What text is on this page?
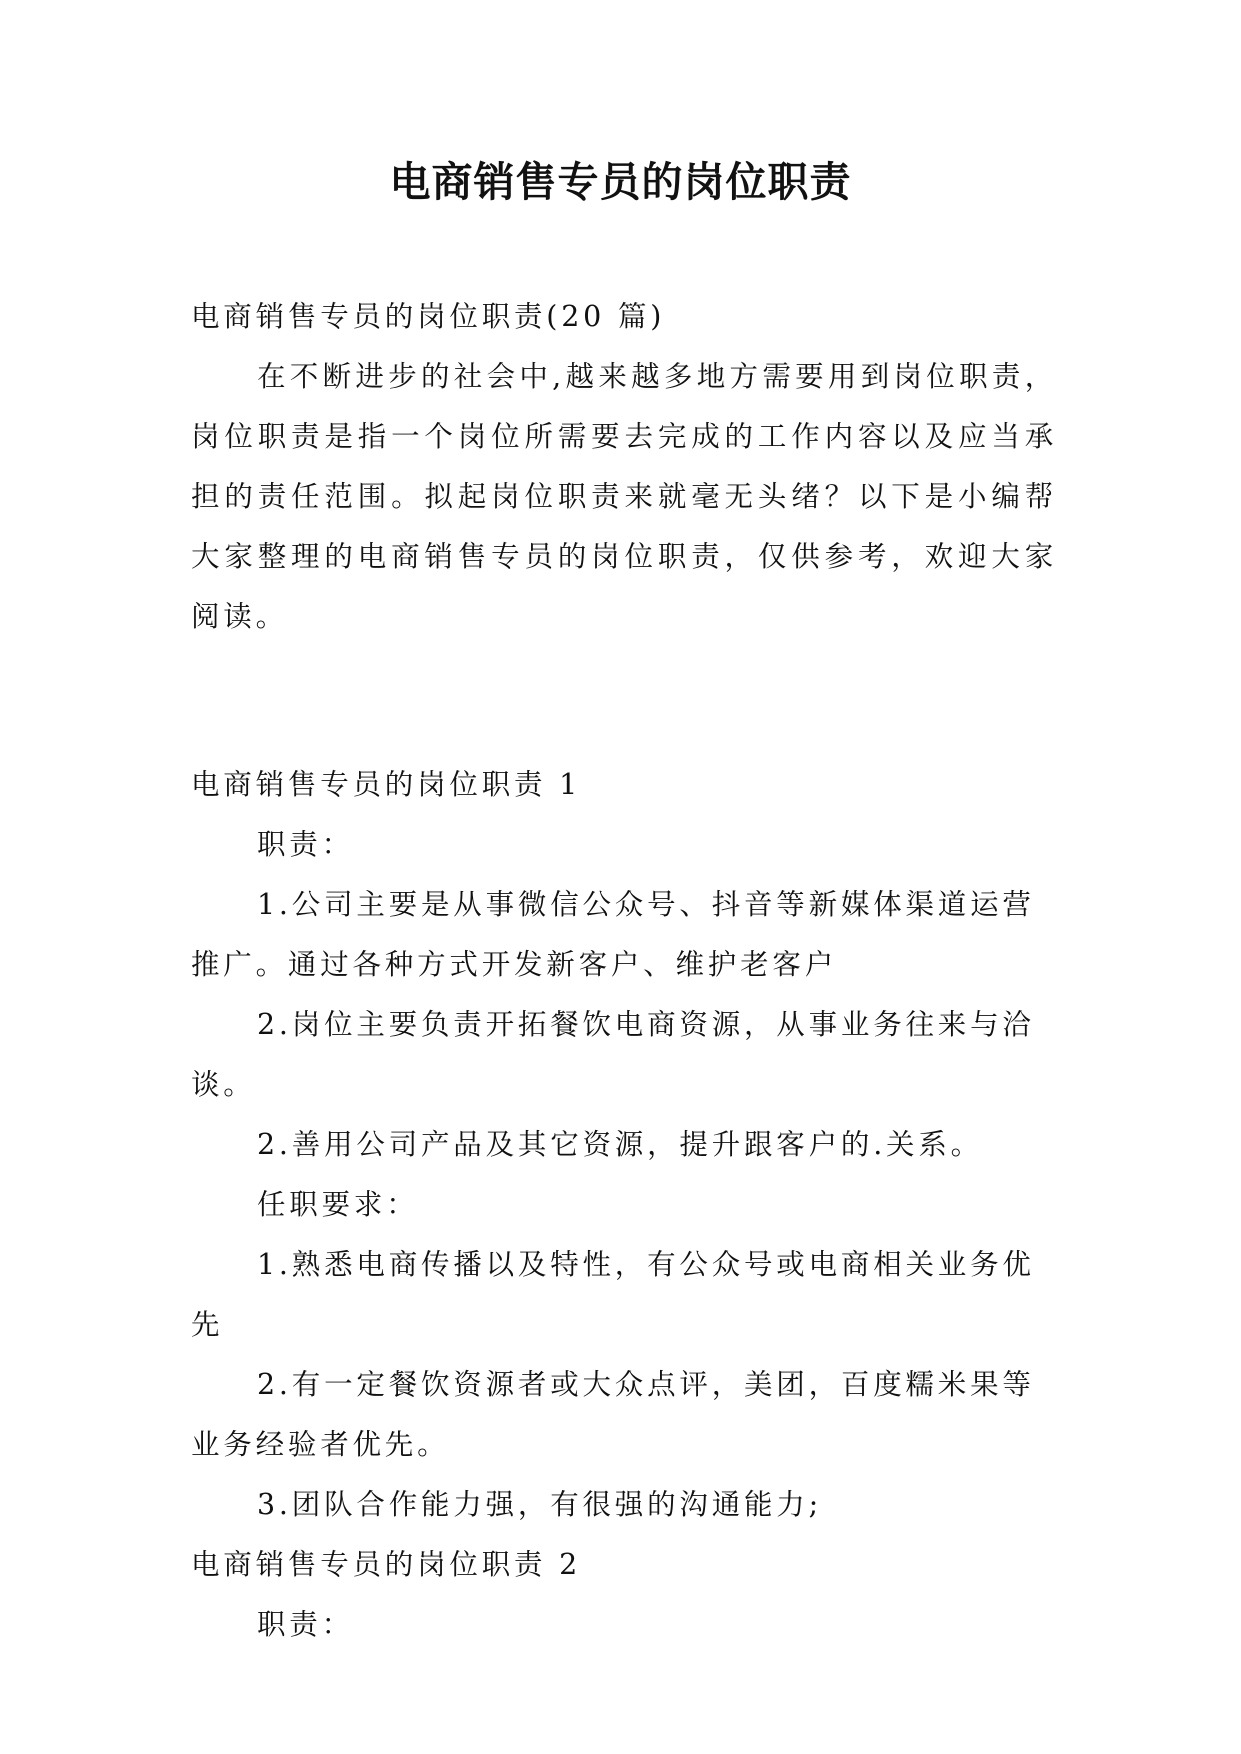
电商销售专员的岗位职责

电商销售专员的岗位职责(20 篇)

在不断进步的社会中,越来越多地方需要用到岗位职责，岗位职责是指一个岗位所需要去完成的工作内容以及应当承担的责任范围。拟起岗位职责来就毫无头绪？以下是小编帮大家整理的电商销售专员的岗位职责，仅供参考，欢迎大家阅读。

电商销售专员的岗位职责 1

职责：

1.公司主要是从事微信公众号、抖音等新媒体渠道运营推广。通过各种方式开发新客户、维护老客户

2.岗位主要负责开拓餐饮电商资源，从事业务往来与洽谈。

2.善用公司产品及其它资源，提升跟客户的.关系。

任职要求：

1.熟悉电商传播以及特性，有公众号或电商相关业务优先

2.有一定餐饮资源者或大众点评，美团，百度糯米果等业务经验者优先。

3.团队合作能力强，有很强的沟通能力;

电商销售专员的岗位职责 2

职责：
